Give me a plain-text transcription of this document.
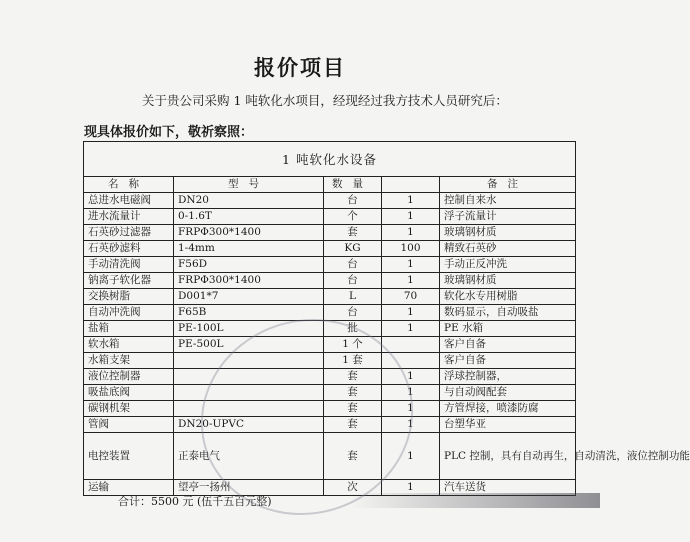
报价项目
关于贵公司采购 1 吨软化水项目，经现经过我方技术人员研究后：
现具体报价如下，敬祈察照：
1 吨软化水设备				
名称	型号	数量		备注
总进水电磁阀	DN20	台	1	控制自来水
进水流量计	0-1.6T	个	1	浮子流量计
石英砂过滤器	FRPΦ300*1400	套	1	玻璃钢材质
石英砂滤料	1-4mm	KG	100	精致石英砂
手动清洗阀	F56D	台	1	手动正反冲洗
钠离子软化器	FRPΦ300*1400	台	1	玻璃钢材质
交换树脂	D001*7	L	70	软化水专用树脂
自动冲洗阀	F65B	台	1	数码显示，自动吸盐
盐箱	PE-100L	批	1	PE 水箱
软水箱	PE-500L	1 个		客户自备
水箱支架		1 套		客户自备
液位控制器		套	1	浮球控制器，
吸盐底阀		套	1	与自动阀配套
碳钢机架		套	1	方管焊接，喷漆防腐
管阀	DN20-UPVC	套	1	台塑华亚
电控装置	正泰电气	套	1	PLC 控制，具有自动再生，自动清洗，液位控制功能
运输	望亭一扬州	次	1	汽车送货
合计：5500 元 (伍千五百元整)
